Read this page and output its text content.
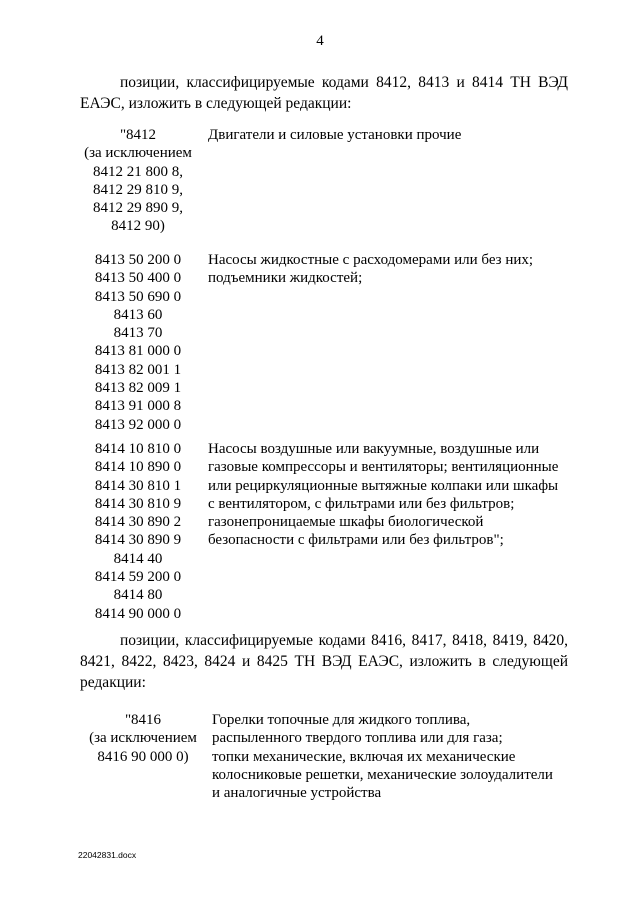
4

позиции, классифицируемые кодами 8412, 8413 и 8414 ТН ВЭД ЕАЭС, изложить в следующей редакции:

"8412
(за исключением
8412 21 800 8,
8412 29 810 9,
8412 29 890 9,
8412 90)
Двигатели и силовые установки прочие
8413 50 200 0
8413 50 400 0
8413 50 690 0
8413 60
8413 70
8413 81 000 0
8413 82 001 1
8413 82 009 1
8413 91 000 8
8413 92 000 0
Насосы жидкостные с расходомерами или без них;
подъемники жидкостей;
8414 10 810 0
8414 10 890 0
8414 30 810 1
8414 30 810 9
8414 30 890 2
8414 30 890 9
8414 40
8414 59 200 0
8414 80
8414 90 000 0
Насосы воздушные или вакуумные, воздушные или
газовые компрессоры и вентиляторы; вентиляционные
или рециркуляционные вытяжные колпаки или шкафы
с вентилятором, с фильтрами или без фильтров;
газонепроницаемые шкафы биологической
безопасности с фильтрами или без фильтров";

позиции, классифицируемые кодами 8416, 8417, 8418, 8419, 8420, 8421, 8422, 8423, 8424 и 8425 ТН ВЭД ЕАЭС, изложить в следующей редакции:

"8416
(за исключением
8416 90 000 0)
Горелки топочные для жидкого топлива,
распыленного твердого топлива или для газа;
топки механические, включая их механические
колосниковые решетки, механические золоудалители
и аналогичные устройства
22042831.docx
